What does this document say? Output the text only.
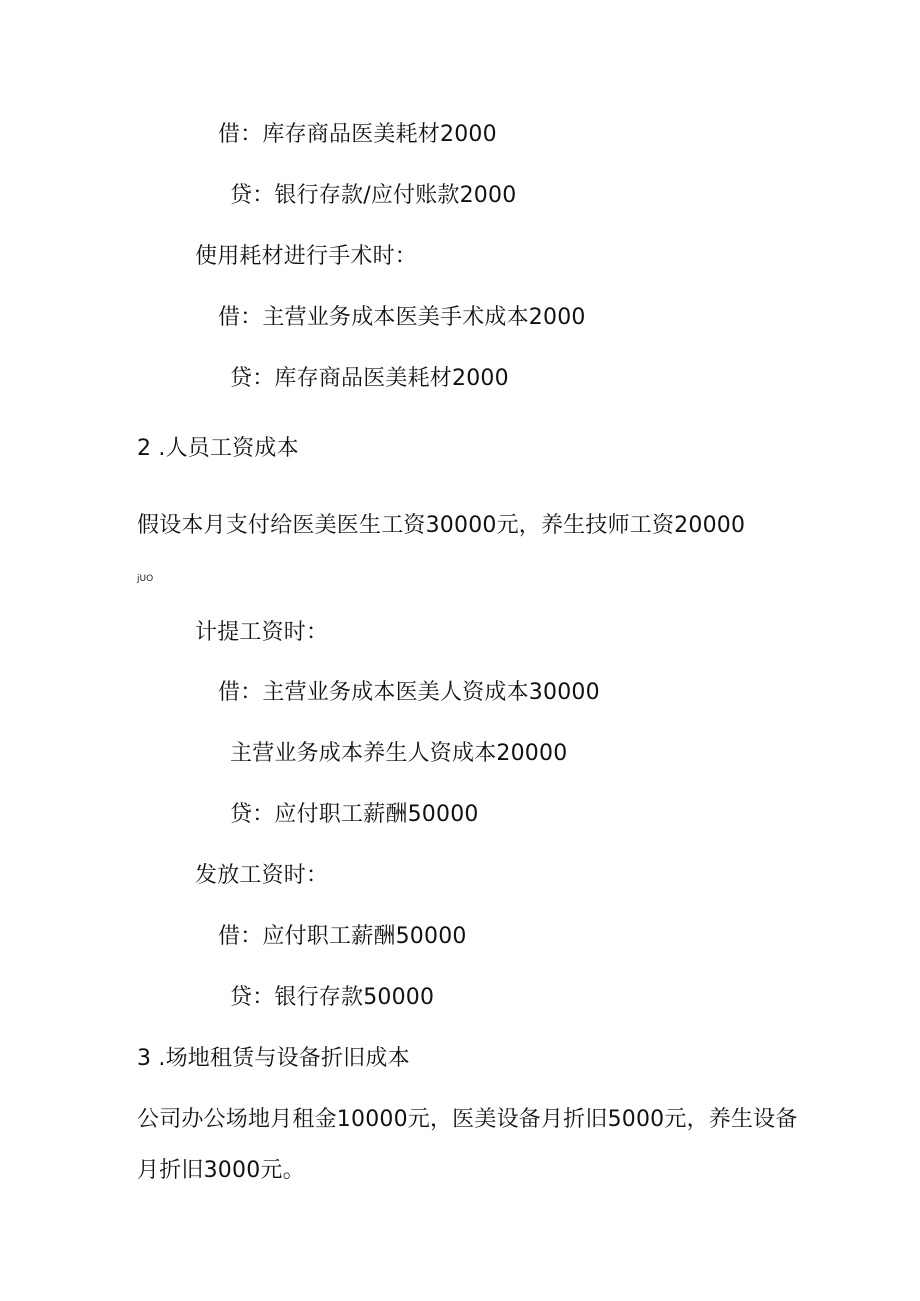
借：库存商品医美耗材2000
贷：银行存款/应付账款2000
使用耗材进行手术时：
借：主营业务成本医美手术成本2000
贷：库存商品医美耗材2000
2 .人员工资成本
假设本月支付给医美医生工资30000元，养生技师工资20000
jUO
计提工资时：
借：主营业务成本医美人资成本30000
主营业务成本养生人资成本20000
贷：应付职工薪酬50000
发放工资时：
借：应付职工薪酬50000
贷：银行存款50000
3 .场地租赁与设备折旧成本
公司办公场地月租金10000元，医美设备月折旧5000元，养生设备
月折旧3000元。
